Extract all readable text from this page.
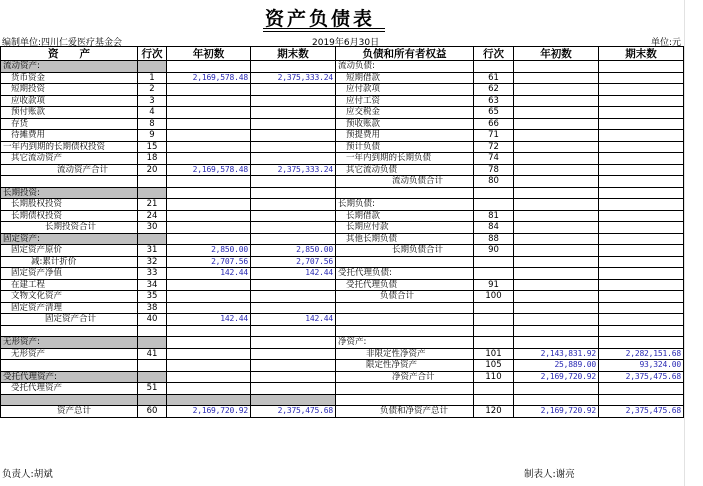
资产负债表
编制单位:四川仁爱医疗基金会	2019年6月30日	单位:元
资　　产	行次	年初数	期末数	负债和所有者权益	行次	年初数	期末数
流动资产:				流动负债:			
货币资金	1	2,169,578.48	2,375,333.24	短期借款	61		
短期投资	2			应付款项	62		
应收款项	3			应付工资	63		
预付账款	4			应交税金	65		
存货	8			预收账款	66		
待摊费用	9			预提费用	71		
一年内到期的长期债权投资	15			预计负债	72		
其它流动资产	18			一年内到期的长期负债	74		
流动资产合计	20	2,169,578.48	2,375,333.24	其它流动负债	78		
				流动负债合计	80		
长期投资:							
长期股权投资	21			长期负债:			
长期债权投资	24			长期借款	81		
长期投资合计	30			长期应付款	84		
固定资产:				其他长期负债	88		
固定资产原价	31	2,850.00	2,850.00	长期负债合计	90		
减:累计折价	32	2,707.56	2,707.56				
固定资产净值	33	142.44	142.44	受托代理负债:			
在建工程	34			受托代理负债	91		
文物文化资产	35			负债合计	100		
固定资产清理	38						
固定资产合计	40	142.44	142.44				

无形资产:				净资产:			
无形资产	41			非限定性净资产	101	2,143,831.92	2,282,151.68
				限定性净资产	105	25,889.00	93,324.00
受托代理资产:				净资产合计	110	2,169,720.92	2,375,475.68
受托代理资产	51						

资产总计	60	2,169,720.92	2,375,475.68	负债和净资产总计	120	2,169,720.92	2,375,475.68
负责人:胡斌	制表人:谢亮
